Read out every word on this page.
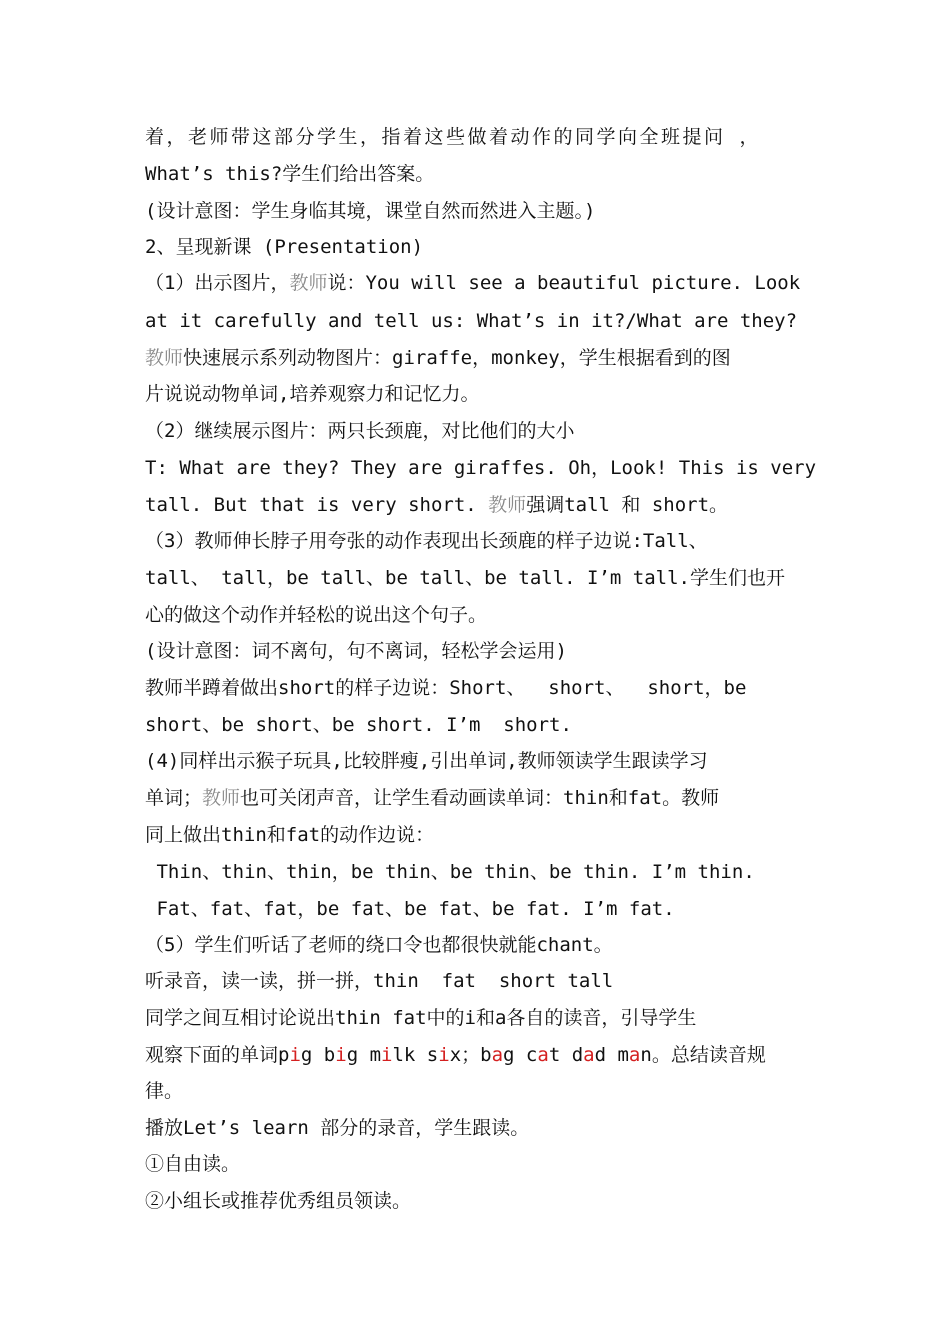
着，老师带这部分学生，指着这些做着动作的同学向全班提问 ，
What’s this?学生们给出答案。
(设计意图：学生身临其境，课堂自然而然进入主题。)
2、呈现新课 (Presentation)
（1）出示图片，教师说：You will see a beautiful picture. Look
at it carefully and tell us: What’s in it?/What are they?
教师快速展示系列动物图片：giraffe，monkey，学生根据看到的图
片说说动物单词,培养观察力和记忆力。
（2）继续展示图片：两只长颈鹿，对比他们的大小
T: What are they? They are giraffes. Oh，Look! This is very
tall. But that is very short. 教师强调tall 和 short。
（3）教师伸长脖子用夸张的动作表现出长颈鹿的样子边说:Tall、
tall、 tall，be tall、be tall、be tall. I’m tall.学生们也开
心的做这个动作并轻松的说出这个句子。
(设计意图：词不离句，句不离词，轻松学会运用)
教师半蹲着做出short的样子边说：Short、  short、  short，be
short、be short、be short. I’m  short.
(4)同样出示猴子玩具,比较胖瘦,引出单词,教师领读学生跟读学习
单词；教师也可关闭声音，让学生看动画读单词：thin和fat。教师
同上做出thin和fat的动作边说：
Thin、thin、thin，be thin、be thin、be thin. I’m thin.
Fat、fat、fat，be fat、be fat、be fat. I’m fat.
（5）学生们听话了老师的绕口令也都很快就能chant。
听录音，读一读，拼一拼，thin  fat  short tall
同学之间互相讨论说出thin fat中的i和a各自的读音，引导学生
观察下面的单词pig big milk six；bag cat dad man。总结读音规
律。
播放Let’s learn 部分的录音，学生跟读。
①自由读。
②小组长或推荐优秀组员领读。
